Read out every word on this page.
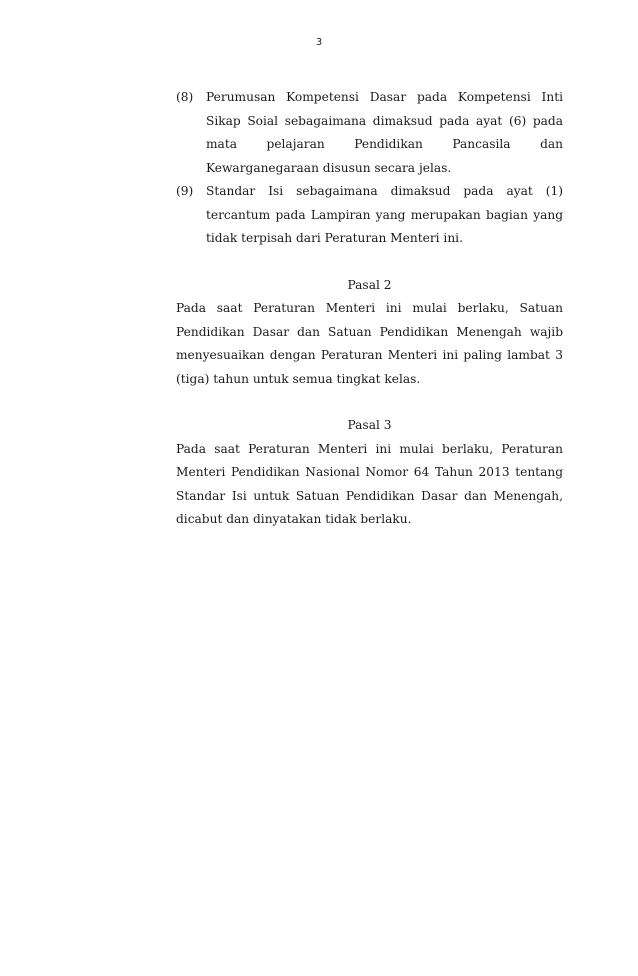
3
(8)	Perumusan Kompetensi Dasar pada Kompetensi Inti Sikap Soial sebagaimana dimaksud pada ayat (6) pada mata pelajaran Pendidikan Pancasila dan Kewarganegaraan disusun secara jelas.
(9)	Standar Isi sebagaimana dimaksud pada ayat (1) tercantum pada Lampiran yang merupakan bagian yang tidak terpisah dari Peraturan Menteri ini.
Pasal 2
Pada saat Peraturan Menteri ini mulai berlaku, Satuan Pendidikan Dasar dan Satuan Pendidikan Menengah wajib menyesuaikan dengan Peraturan Menteri ini paling lambat 3 (tiga) tahun untuk semua tingkat kelas.
Pasal 3
Pada saat Peraturan Menteri ini mulai berlaku, Peraturan Menteri Pendidikan Nasional Nomor 64 Tahun 2013 tentang Standar Isi untuk Satuan Pendidikan Dasar dan Menengah, dicabut dan dinyatakan tidak berlaku.
